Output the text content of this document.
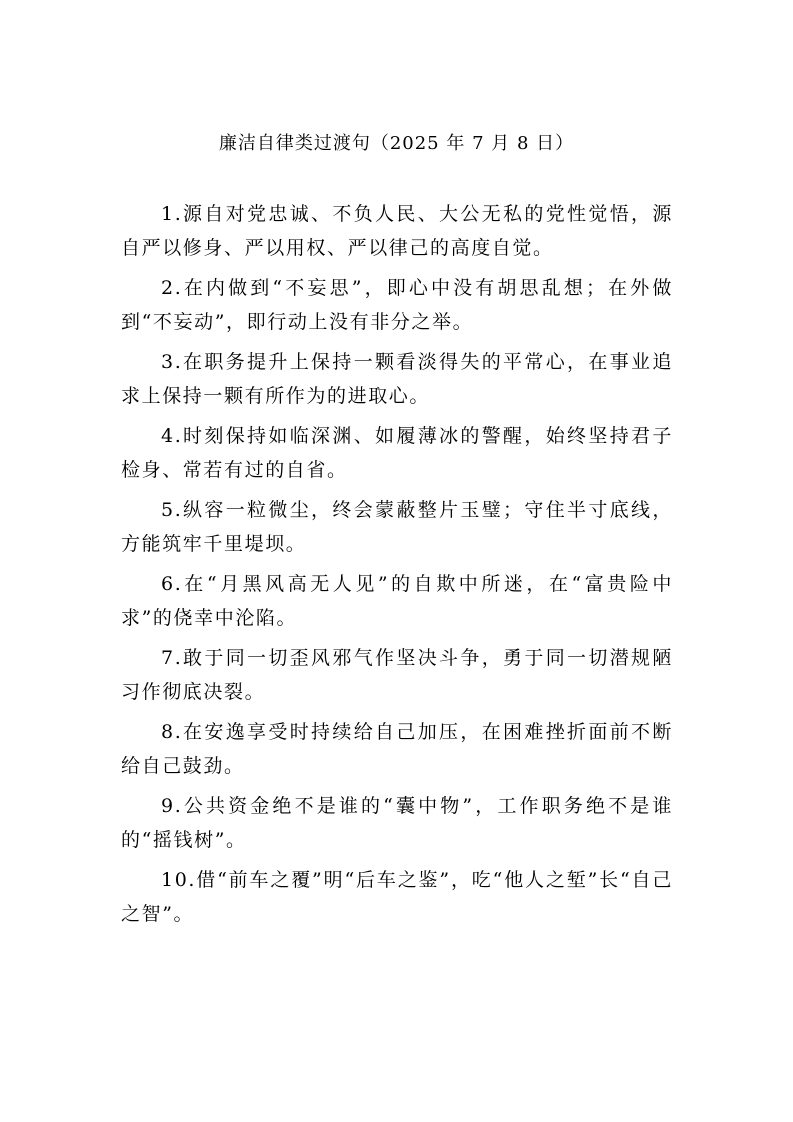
廉洁自律类过渡句（2025 年 7 月 8 日）
1.源自对党忠诚、不负人民、大公无私的党性觉悟，源自严以修身、严以用权、严以律己的高度自觉。
2.在内做到“不妄思”，即心中没有胡思乱想；在外做到“不妄动”，即行动上没有非分之举。
3.在职务提升上保持一颗看淡得失的平常心，在事业追求上保持一颗有所作为的进取心。
4.时刻保持如临深渊、如履薄冰的警醒，始终坚持君子检身、常若有过的自省。
5.纵容一粒微尘，终会蒙蔽整片玉璧；守住半寸底线，方能筑牢千里堤坝。
6.在“月黑风高无人见”的自欺中所迷，在“富贵险中求”的侥幸中沦陷。
7.敢于同一切歪风邪气作坚决斗争，勇于同一切潜规陋习作彻底决裂。
8.在安逸享受时持续给自己加压，在困难挫折面前不断给自己鼓劲。
9.公共资金绝不是谁的“囊中物”，工作职务绝不是谁的“摇钱树”。
10.借“前车之覆”明“后车之鉴”，吃“他人之堑”长“自己之智”。
